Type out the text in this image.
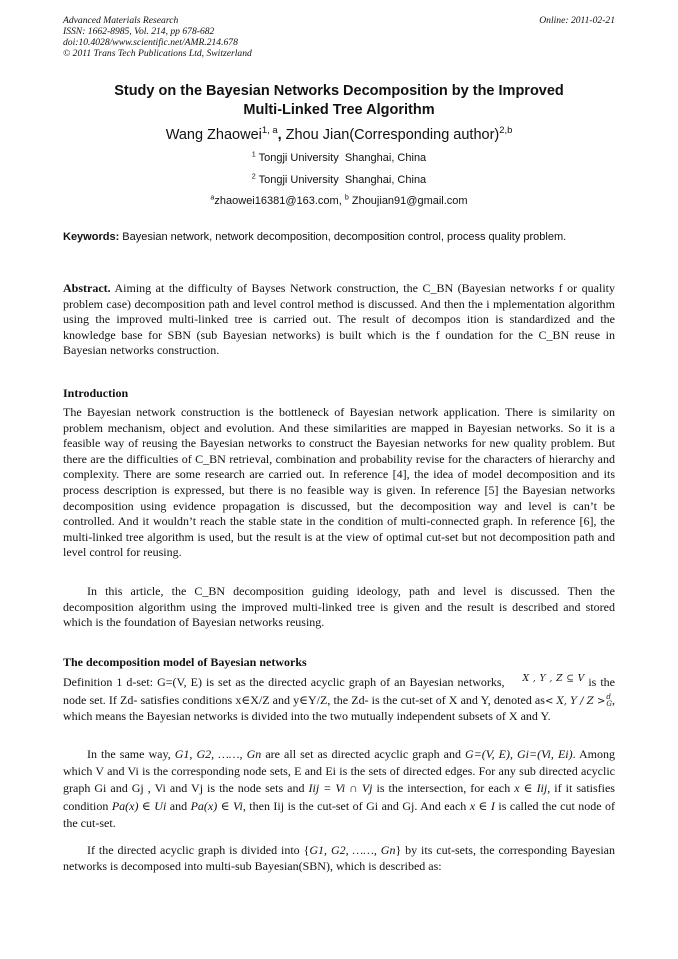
Advanced Materials Research
ISSN: 1662-8985, Vol. 214, pp 678-682
doi:10.4028/www.scientific.net/AMR.214.678
© 2011 Trans Tech Publications Ltd, Switzerland
Online: 2011-02-21
Study on the Bayesian Networks Decomposition by the Improved
Multi-Linked Tree Algorithm
Wang Zhaowei$^{1, a}$, Zhou Jian(Corresponding author)$^{2,b}$
$^1$ Tongji University  Shanghai, China
$^2$ Tongji University  Shanghai, China
$^a$zhaowei16381@163.com, $^b$ Zhoujian91@gmail.com
Keywords: Bayesian network, network decomposition, decomposition control, process quality problem.
Abstract. Aiming at the difficulty of Bayses Network construction, the C_BN (Bayesian networks f or quality problem case) decomposition path and level control method is discussed. And then the i mplementation algorithm using the improved multi-linked tree is carried out. The result of decompos ition is standardized and the knowledge base for SBN (sub Bayesian networks) is built which is the f oundation for the C_BN reuse in Bayesian networks construction.
Introduction
The Bayesian network construction is the bottleneck of Bayesian network application. There is similarity on problem mechanism, object and evolution. And these similarities are mapped in Bayesian networks. So it is a feasible way of reusing the Bayesian networks to construct the Bayesian networks for new quality problem. But there are the difficulties of C_BN retrieval, combination and probability revise for the characters of hierarchy and complexity. There are some research are carried out. In reference [4], the idea of model decomposition and its process description is expressed, but there is no feasible way is given. In reference [5] the Bayesian networks decomposition using evidence propagation is discussed, but the decomposition way and level is can’t be controlled. And it wouldn’t reach the stable state in the condition of multi-connected graph. In reference [6], the multi-linked tree algorithm is used, but the result is at the view of optimal cut-set but not decomposition path and level control for reusing.
In this article, the C_BN decomposition guiding ideology, path and level is discussed. Then the decomposition algorithm using the improved multi-linked tree is given and the result is described and stored which is the foundation of Bayesian networks reusing.
The decomposition model of Bayesian networks
Definition 1 d-set: G=(V, E) is set as the directed acyclic graph of an Bayesian networks, $^{X , Y , Z ⊆ V}$ is the node set. If Zd- satisfies conditions x∈X/Z and y∈Y/Z, the Zd- is the cut-set of X and Y, denoted as< X, Y / Z > d
G , which means the Bayesian networks is divided into the two mutually independent subsets of X and Y.
In the same way, G1, G2, ……, Gn are all set as directed acyclic graph and G=(V, E), Gi=(Vi, Ei). Among which V and Vi is the corresponding node sets, E and Ei is the sets of directed edges. For any sub directed acyclic graph Gi and Gj , Vi and Vj is the node sets and Iij = Vi ∩ Vj is the intersection, for each x ∈ Iij, if it satisfies condition Pa(x) ∈ Ui and Pa(x) ∈ Vi, then Iij is the cut-set of Gi and Gj. And each x ∈ I is called the cut node of the cut-set.
If the directed acyclic graph is divided into {G1, G2, ……, Gn} by its cut-sets, the corresponding Bayesian networks is decomposed into multi-sub Bayesian(SBN), which is described as:
